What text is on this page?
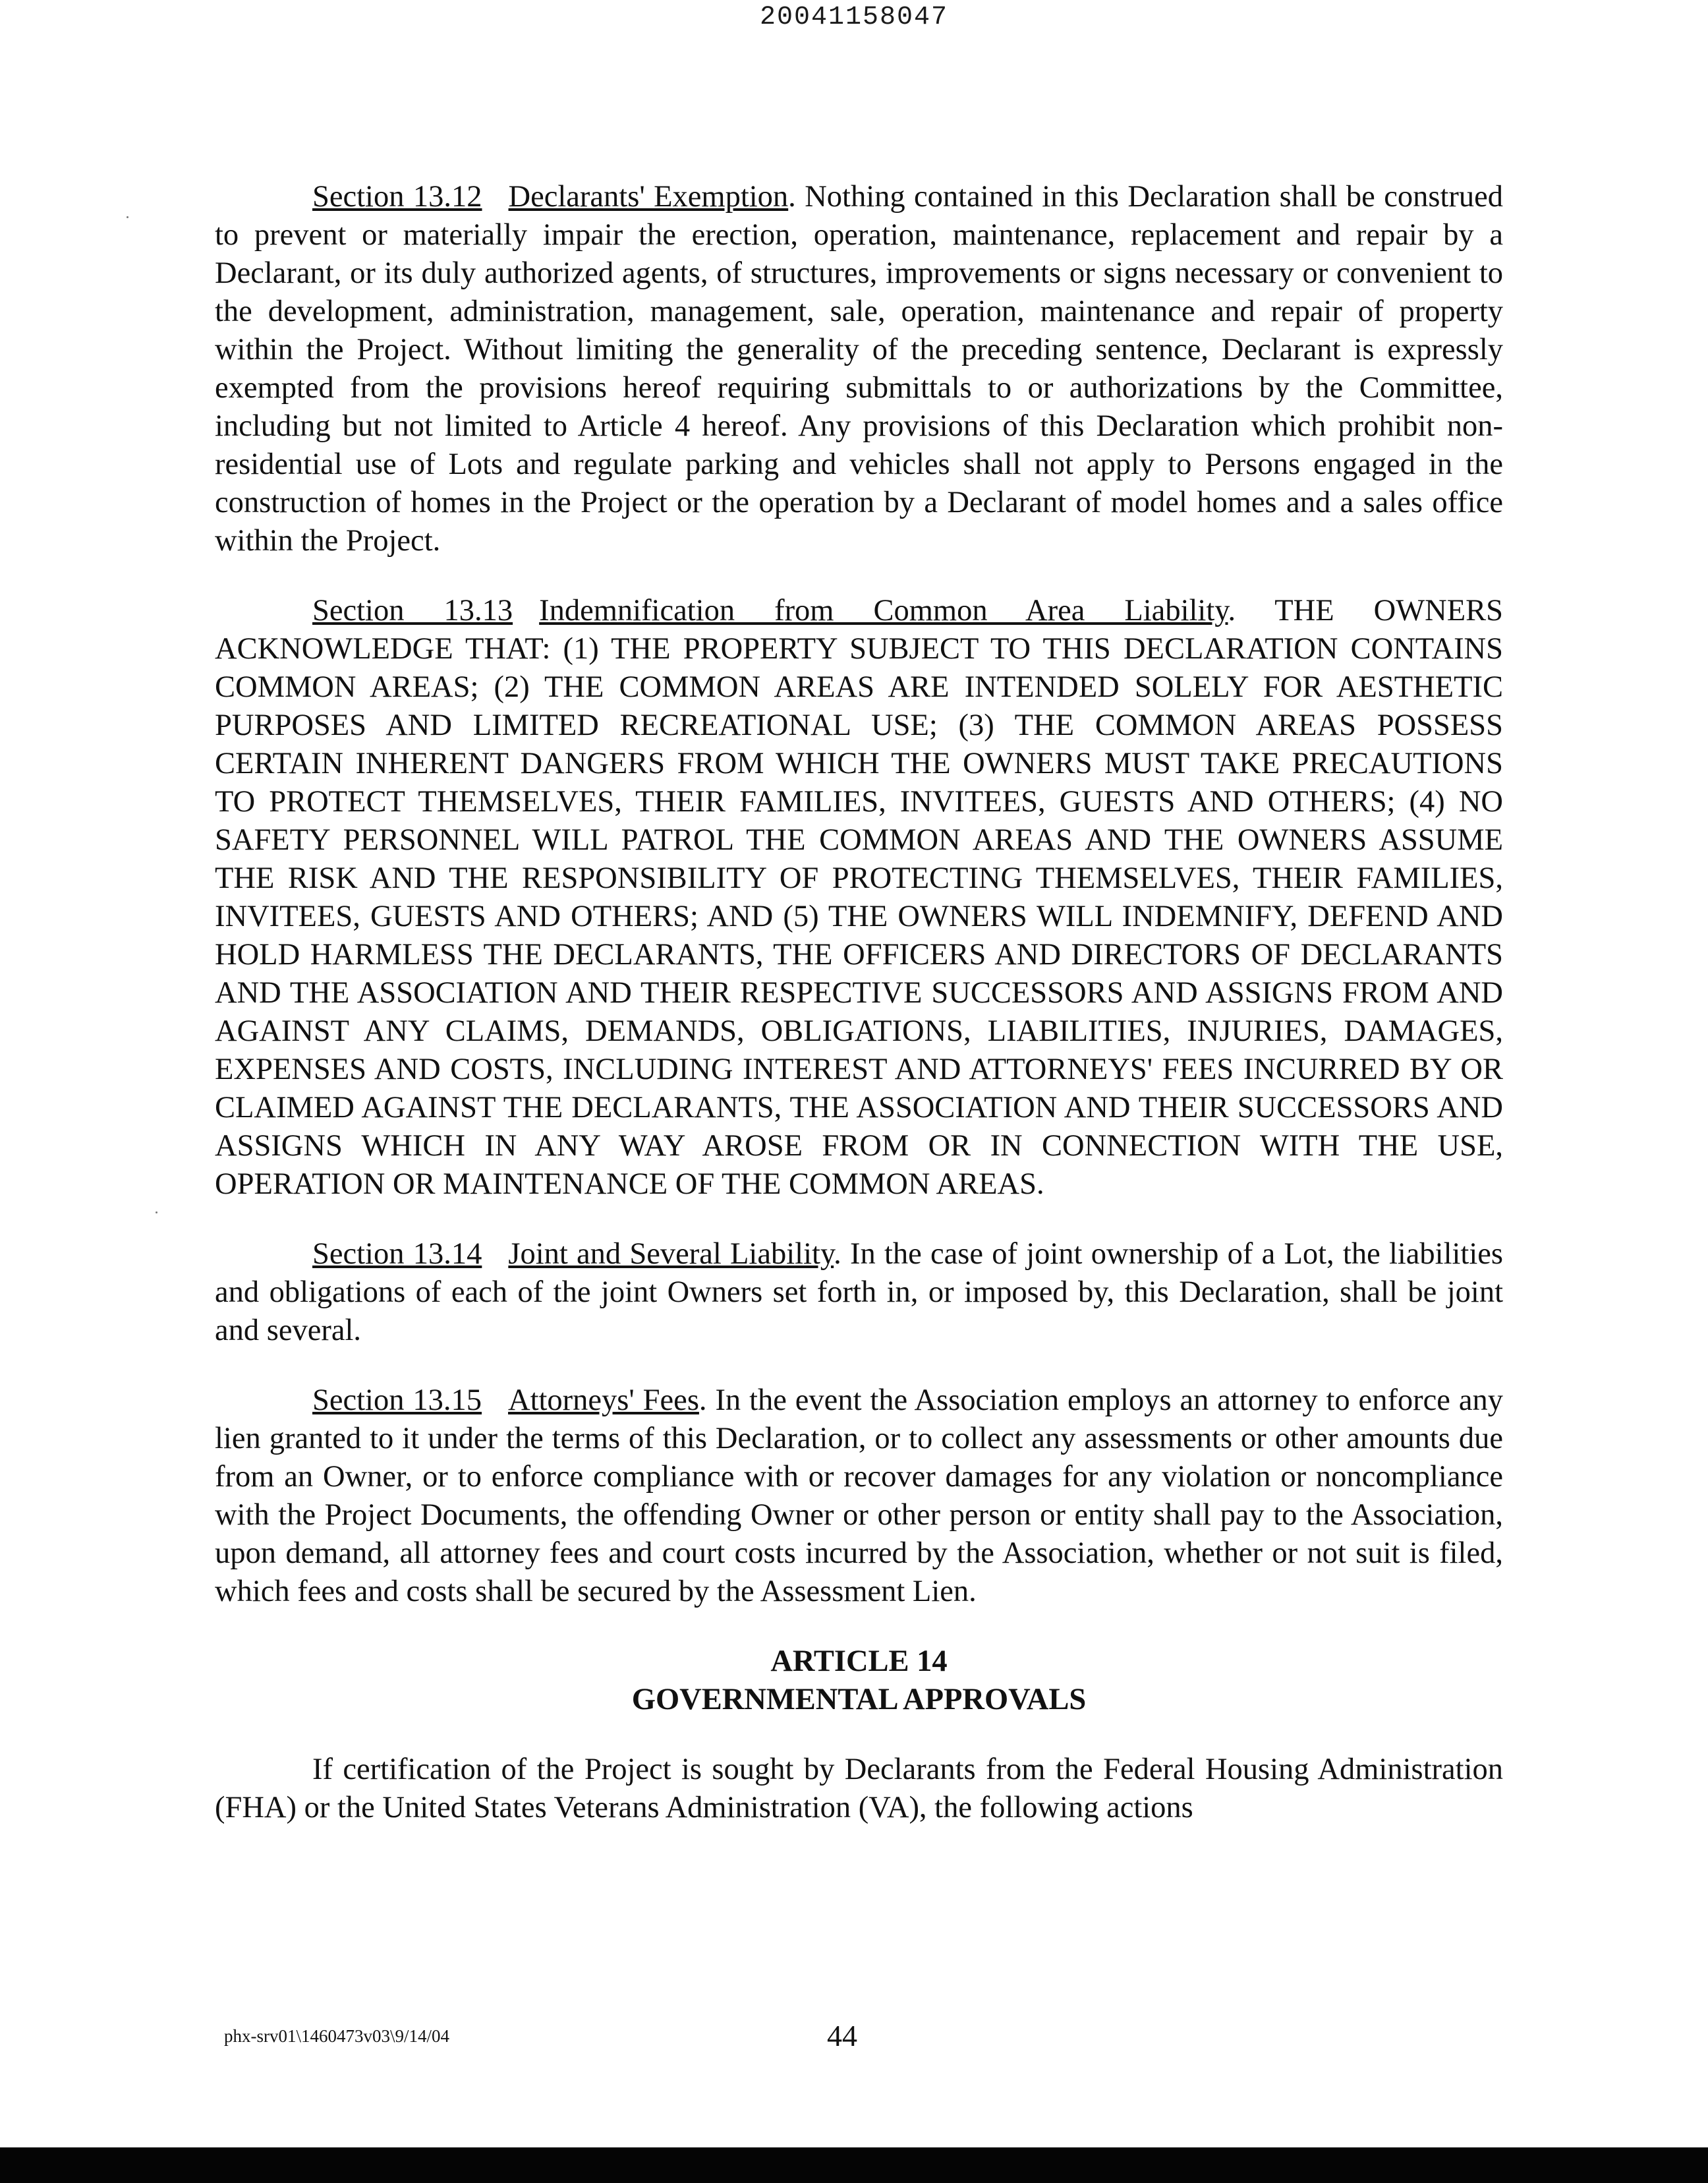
20041158047

Section 13.12 Declarants' Exemption. Nothing contained in this Declaration shall be construed to prevent or materially impair the erection, operation, maintenance, replacement and repair by a Declarant, or its duly authorized agents, of structures, improvements or signs necessary or convenient to the development, administration, management, sale, operation, maintenance and repair of property within the Project. Without limiting the generality of the preceding sentence, Declarant is expressly exempted from the provisions hereof requiring submittals to or authorizations by the Committee, including but not limited to Article 4 hereof. Any provisions of this Declaration which prohibit non-residential use of Lots and regulate parking and vehicles shall not apply to Persons engaged in the construction of homes in the Project or the operation by a Declarant of model homes and a sales office within the Project.

Section 13.13 Indemnification from Common Area Liability. THE OWNERS ACKNOWLEDGE THAT: (1) THE PROPERTY SUBJECT TO THIS DECLARATION CONTAINS COMMON AREAS; (2) THE COMMON AREAS ARE INTENDED SOLELY FOR AESTHETIC PURPOSES AND LIMITED RECREATIONAL USE; (3) THE COMMON AREAS POSSESS CERTAIN INHERENT DANGERS FROM WHICH THE OWNERS MUST TAKE PRECAUTIONS TO PROTECT THEMSELVES, THEIR FAMILIES, INVITEES, GUESTS AND OTHERS; (4) NO SAFETY PERSONNEL WILL PATROL THE COMMON AREAS AND THE OWNERS ASSUME THE RISK AND THE RESPONSIBILITY OF PROTECTING THEMSELVES, THEIR FAMILIES, INVITEES, GUESTS AND OTHERS; AND (5) THE OWNERS WILL INDEMNIFY, DEFEND AND HOLD HARMLESS THE DECLARANTS, THE OFFICERS AND DIRECTORS OF DECLARANTS AND THE ASSOCIATION AND THEIR RESPECTIVE SUCCESSORS AND ASSIGNS FROM AND AGAINST ANY CLAIMS, DEMANDS, OBLIGATIONS, LIABILITIES, INJURIES, DAMAGES, EXPENSES AND COSTS, INCLUDING INTEREST AND ATTORNEYS' FEES INCURRED BY OR CLAIMED AGAINST THE DECLARANTS, THE ASSOCIATION AND THEIR SUCCESSORS AND ASSIGNS WHICH IN ANY WAY AROSE FROM OR IN CONNECTION WITH THE USE, OPERATION OR MAINTENANCE OF THE COMMON AREAS.

Section 13.14 Joint and Several Liability. In the case of joint ownership of a Lot, the liabilities and obligations of each of the joint Owners set forth in, or imposed by, this Declaration, shall be joint and several.

Section 13.15 Attorneys' Fees. In the event the Association employs an attorney to enforce any lien granted to it under the terms of this Declaration, or to collect any assessments or other amounts due from an Owner, or to enforce compliance with or recover damages for any violation or noncompliance with the Project Documents, the offending Owner or other person or entity shall pay to the Association, upon demand, all attorney fees and court costs incurred by the Association, whether or not suit is filed, which fees and costs shall be secured by the Assessment Lien.

ARTICLE 14
GOVERNMENTAL APPROVALS

If certification of the Project is sought by Declarants from the Federal Housing Administration (FHA) or the United States Veterans Administration (VA), the following actions

phx-srv01\1460473v03\9/14/04	44
